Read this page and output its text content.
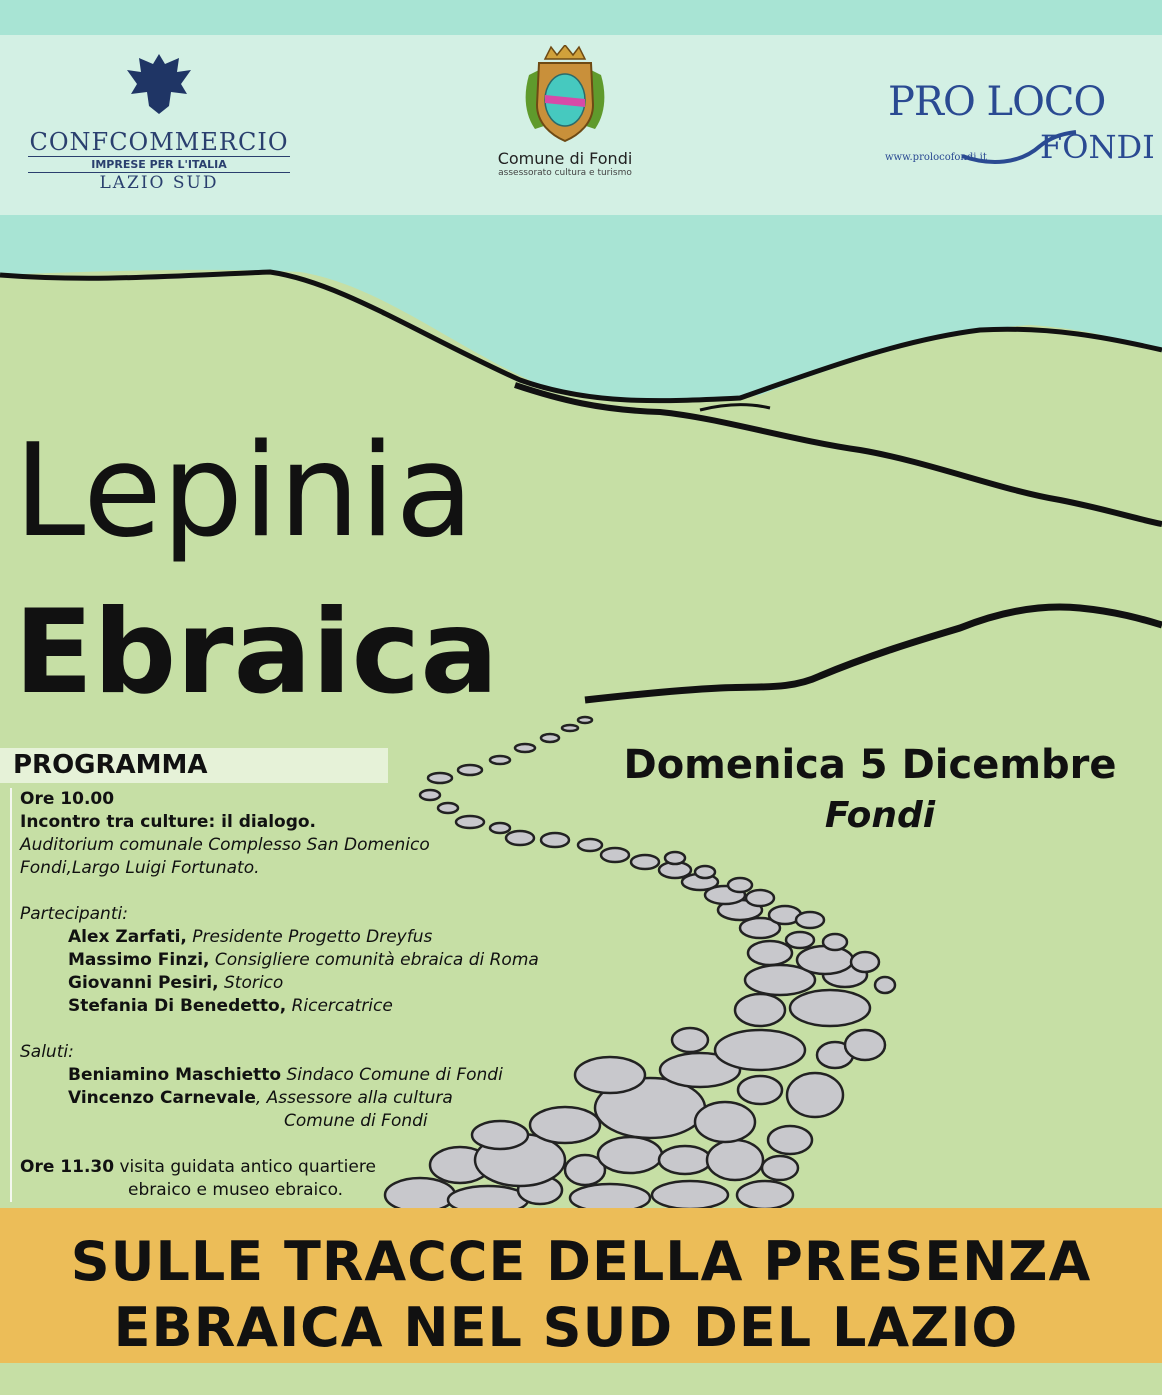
CONFCOMMERCIO
IMPRESE PER L'ITALIA
LAZIO SUD
Comune di Fondi
assessorato cultura e turismo
PRO LOCO
FONDI
www.prolocofondi.it
Lepinia
Ebraica
PROGRAMMA	Domenica 5 Dicembre
Fondi
Ore 10.00
Incontro tra culture: il dialogo.
Auditorium comunale Complesso San Domenico
Fondi,Largo Luigi Fortunato.
Partecipanti:
Alex Zarfati, Presidente Progetto Dreyfus
Massimo Finzi, Consigliere comunità ebraica di Roma
Giovanni Pesiri, Storico
Stefania Di Benedetto, Ricercatrice
Saluti:
Beniamino Maschietto Sindaco Comune di Fondi
Vincenzo Carnevale, Assessore alla cultura
Comune di Fondi
Ore 11.30 visita guidata antico quartiere
ebraico e museo ebraico.
SULLE TRACCE DELLA PRESENZA
EBRAICA NEL SUD DEL LAZIO
